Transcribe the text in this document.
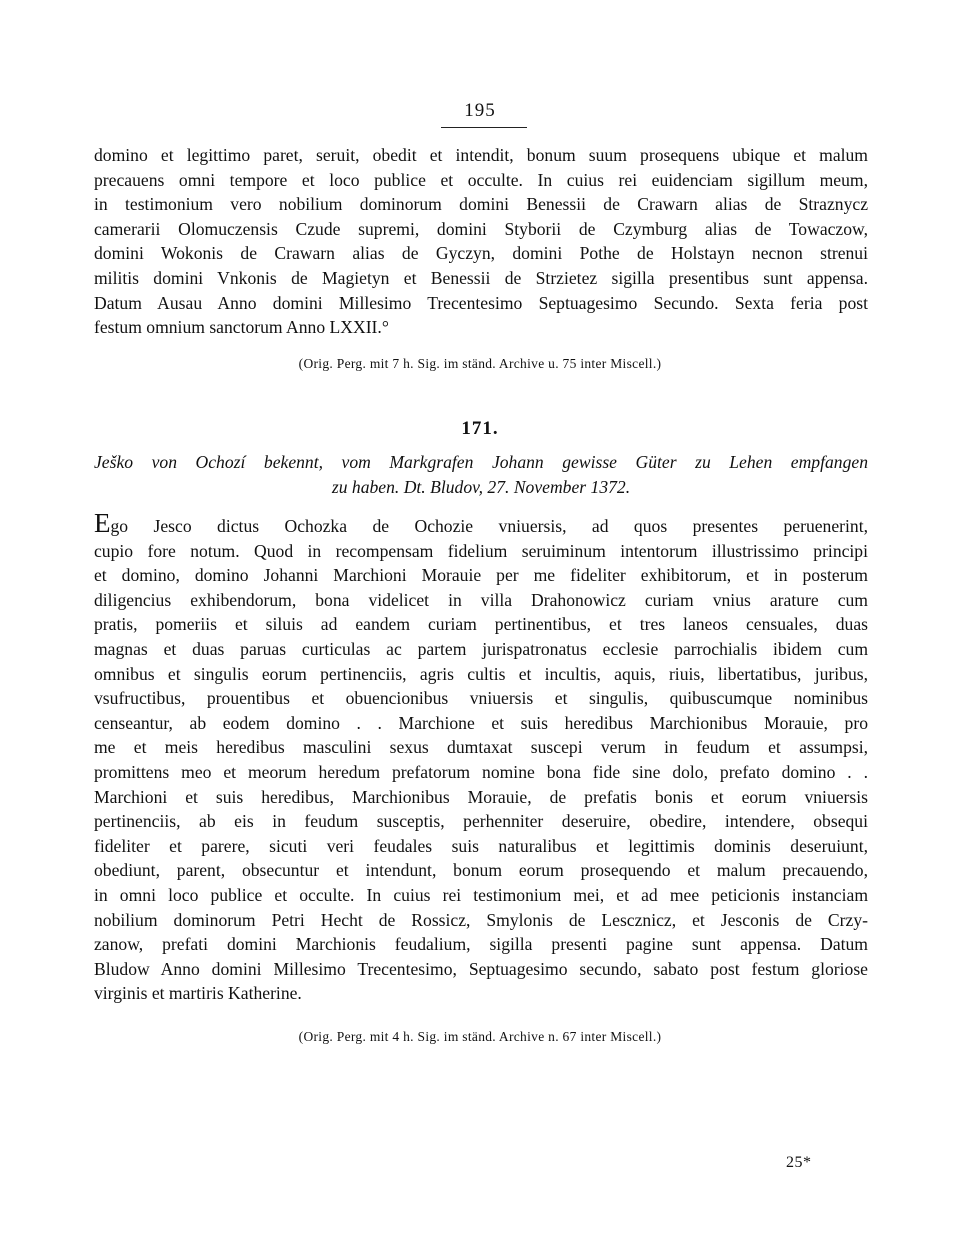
195
domino et legittimo paret, seruit, obedit et intendit, bonum suum prosequens ubique et malum
precauens omni tempore et loco publice et occulte. In cuius rei euidenciam sigillum meum,
in testimonium vero nobilium dominorum domini Benessii de Crawarn alias de Straznycz
camerarii Olomuczensis Czude supremi, domini Styborii de Czymburg alias de Towaczow,
domini Wokonis de Crawarn alias de Gyczyn, domini Pothe de Holstayn necnon strenui
militis domini Vnkonis de Magietyn et Benessii de Strzietez sigilla presentibus sunt appensa.
Datum Ausau Anno domini Millesimo Trecentesimo Septuagesimo Secundo. Sexta feria post
festum omnium sanctorum Anno LXXII.°
(Orig. Perg. mit 7 h. Sig. im ständ. Archive u. 75 inter Miscell.)
171.
Ješko von Ochozí bekennt, vom Markgrafen Johann gewisse Güter zu Lehen empfangen
zu haben. Dt. Bludov, 27. November 1372.
Ego Jesco dictus Ochozka de Ochozie vniuersis, ad quos presentes peruenerint,
cupio fore notum. Quod in recompensam fidelium seruiminum intentorum illustrissimo principi
et domino, domino Johanni Marchioni Morauie per me fideliter exhibitorum, et in posterum
diligencius exhibendorum, bona videlicet in villa Drahonowicz curiam vnius arature cum
pratis, pomeriis et siluis ad eandem curiam pertinentibus, et tres laneos censuales, duas
magnas et duas paruas curticulas ac partem jurispatronatus ecclesie parrochialis ibidem cum
omnibus et singulis eorum pertinenciis, agris cultis et incultis, aquis, riuis, libertatibus, juribus,
vsufructibus, prouentibus et obuencionibus vniuersis et singulis, quibuscumque nominibus
censeantur, ab eodem domino . . Marchione et suis heredibus Marchionibus Morauie, pro
me et meis heredibus masculini sexus dumtaxat suscepi verum in feudum et assumpsi,
promittens meo et meorum heredum prefatorum nomine bona fide sine dolo, prefato domino . .
Marchioni et suis heredibus, Marchionibus Morauie, de prefatis bonis et eorum vniuersis
pertinenciis, ab eis in feudum susceptis, perhenniter deseruire, obedire, intendere, obsequi
fideliter et parere, sicuti veri feudales suis naturalibus et legittimis dominis deseruiunt,
obediunt, parent, obsecuntur et intendunt, bonum eorum prosequendo et malum precauendo,
in omni loco publice et occulte. In cuius rei testimonium mei, et ad mee peticionis instanciam
nobilium dominorum Petri Hecht de Rossicz, Smylonis de Lescznicz, et Jesconis de Crzy-
zanow, prefati domini Marchionis feudalium, sigilla presenti pagine sunt appensa. Datum
Bludow Anno domini Millesimo Trecentesimo, Septuagesimo secundo, sabato post festum gloriose
virginis et martiris Katherine.
(Orig. Perg. mit 4 h. Sig. im ständ. Archive n. 67 inter Miscell.)
25*
